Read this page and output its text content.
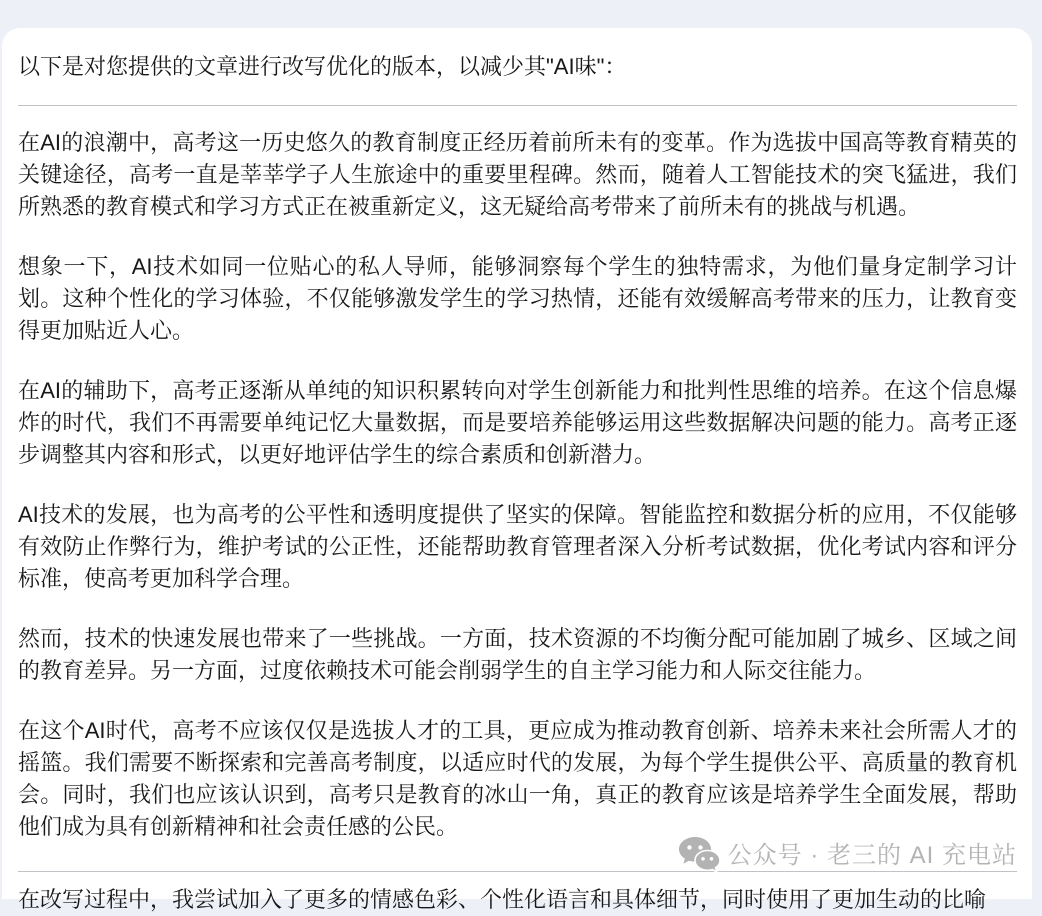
以下是对您提供的文章进行改写优化的版本，以减少其"AI味"：

在AI的浪潮中，高考这一历史悠久的教育制度正经历着前所未有的变革。作为选拔中国高等教育精英的关键途径，高考一直是莘莘学子人生旅途中的重要里程碑。然而，随着人工智能技术的突飞猛进，我们所熟悉的教育模式和学习方式正在被重新定义，这无疑给高考带来了前所未有的挑战与机遇。

想象一下，AI技术如同一位贴心的私人导师，能够洞察每个学生的独特需求，为他们量身定制学习计划。这种个性化的学习体验，不仅能够激发学生的学习热情，还能有效缓解高考带来的压力，让教育变得更加贴近人心。

在AI的辅助下，高考正逐渐从单纯的知识积累转向对学生创新能力和批判性思维的培养。在这个信息爆炸的时代，我们不再需要单纯记忆大量数据，而是要培养能够运用这些数据解决问题的能力。高考正逐步调整其内容和形式，以更好地评估学生的综合素质和创新潜力。

AI技术的发展，也为高考的公平性和透明度提供了坚实的保障。智能监控和数据分析的应用，不仅能够有效防止作弊行为，维护考试的公正性，还能帮助教育管理者深入分析考试数据，优化考试内容和评分标准，使高考更加科学合理。

然而，技术的快速发展也带来了一些挑战。一方面，技术资源的不均衡分配可能加剧了城乡、区域之间的教育差异。另一方面，过度依赖技术可能会削弱学生的自主学习能力和人际交往能力。

在这个AI时代，高考不应该仅仅是选拔人才的工具，更应成为推动教育创新、培养未来社会所需人才的摇篮。我们需要不断探索和完善高考制度，以适应时代的发展，为每个学生提供公平、高质量的教育机会。同时，我们也应该认识到，高考只是教育的冰山一角，真正的教育应该是培养学生全面发展，帮助他们成为具有创新精神和社会责任感的公民。

在改写过程中，我尝试加入了更多的情感色彩、个性化语言和具体细节，同时使用了更加生动的比喻

公众号 · 老三的 AI 充电站
